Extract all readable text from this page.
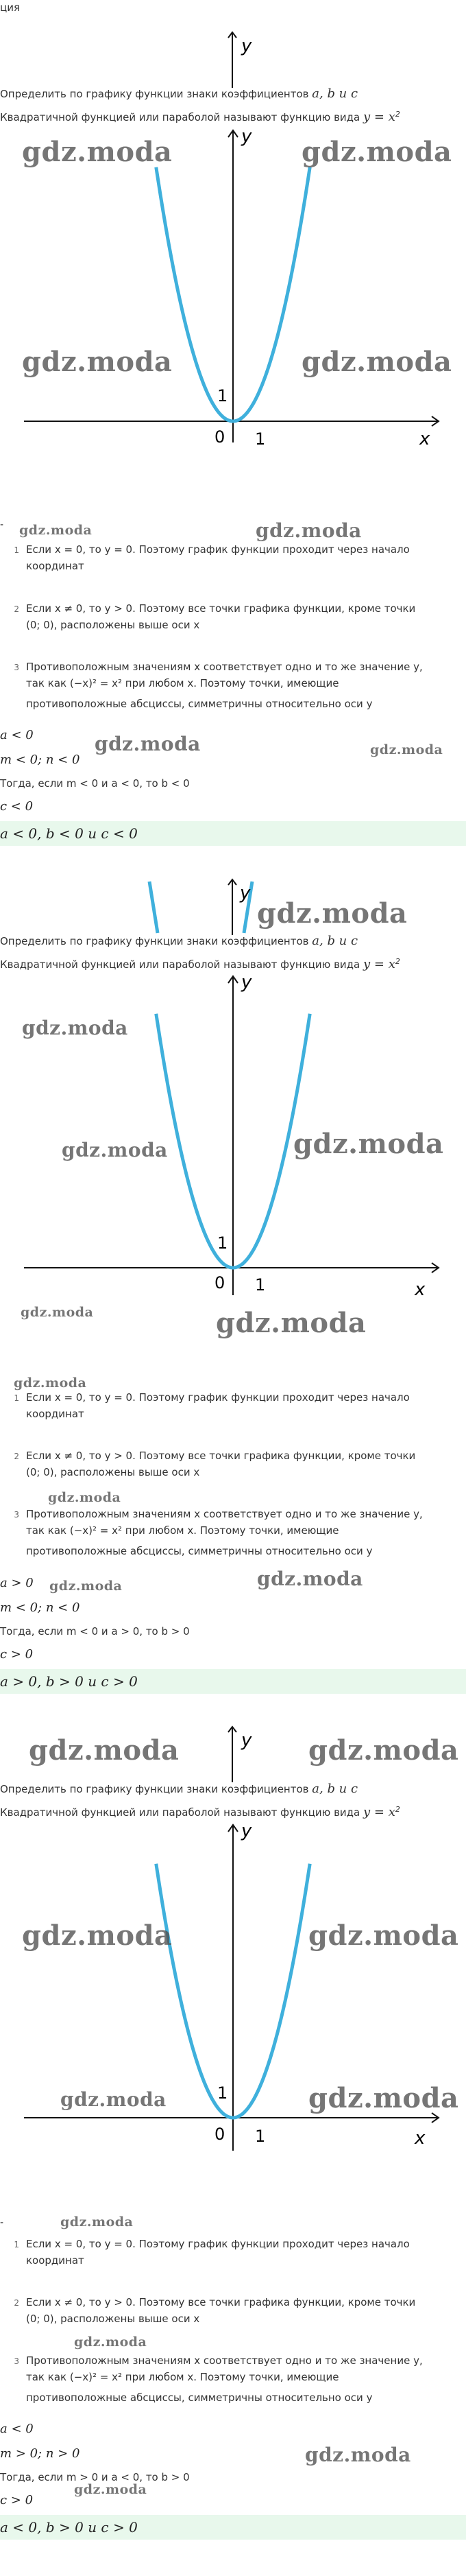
ция
y
Определить по графику функции знаки коэффициентов a, b и c
Квадратичной функцией или параболой называют функцию вида $y = x^2$
y
x
0 1
1
gdz.moda	gdz.moda
gdz.moda	gdz.moda
- gdz.moda	gdz.moda
1 Если x = 0, то y = 0. Поэтому график функции проходит через начало
координат
2 Если x ≠ 0, то y > 0. Поэтому все точки графика функции, кроме точки
(0; 0), расположены выше оси x
3 Противоположным значениям x соответствует одно и то же значение y,
так как (−x)² = x² при любом x. Поэтому точки, имеющие
противоположные абсциссы, симметричны относительно оси y
a < 0
m < 0; n < 0
gdz.moda	gdz.moda
Тогда, если m < 0 и a < 0, то b < 0
c < 0
a < 0, b < 0 и c < 0
y
gdz.moda
Определить по графику функции знаки коэффициентов a, b и c
Квадратичной функцией или параболой называют функцию вида $y = x^2$
y
x
0 1
1
gdz.moda
gdz.moda	gdz.moda
gdz.moda	gdz.moda
gdz.moda
1 Если x = 0, то y = 0. Поэтому график функции проходит через начало
координат
2 Если x ≠ 0, то y > 0. Поэтому все точки графика функции, кроме точки
(0; 0), расположены выше оси x
gdz.moda
3 Противоположным значениям x соответствует одно и то же значение y,
так как (−x)² = x² при любом x. Поэтому точки, имеющие
противоположные абсциссы, симметричны относительно оси y
a > 0 gdz.moda	gdz.moda
m < 0; n < 0
Тогда, если m < 0 и a > 0, то b > 0
c > 0
a > 0, b > 0 и c > 0
y
gdz.moda	gdz.moda
Определить по графику функции знаки коэффициентов a, b и c
Квадратичной функцией или параболой называют функцию вида $y = x^2$
y
x
0 1
1
gdz.moda	gdz.moda
gdz.moda	gdz.moda
-	gdz.moda
1 Если x = 0, то y = 0. Поэтому график функции проходит через начало
координат
2 Если x ≠ 0, то y > 0. Поэтому все точки графика функции, кроме точки
(0; 0), расположены выше оси x
gdz.moda
3 Противоположным значениям x соответствует одно и то же значение y,
так как (−x)² = x² при любом x. Поэтому точки, имеющие
противоположные абсциссы, симметричны относительно оси y
a < 0
m > 0; n > 0	gdz.moda
Тогда, если m > 0 и a < 0, то b > 0
gdz.moda
c > 0
a < 0, b > 0 и c > 0
